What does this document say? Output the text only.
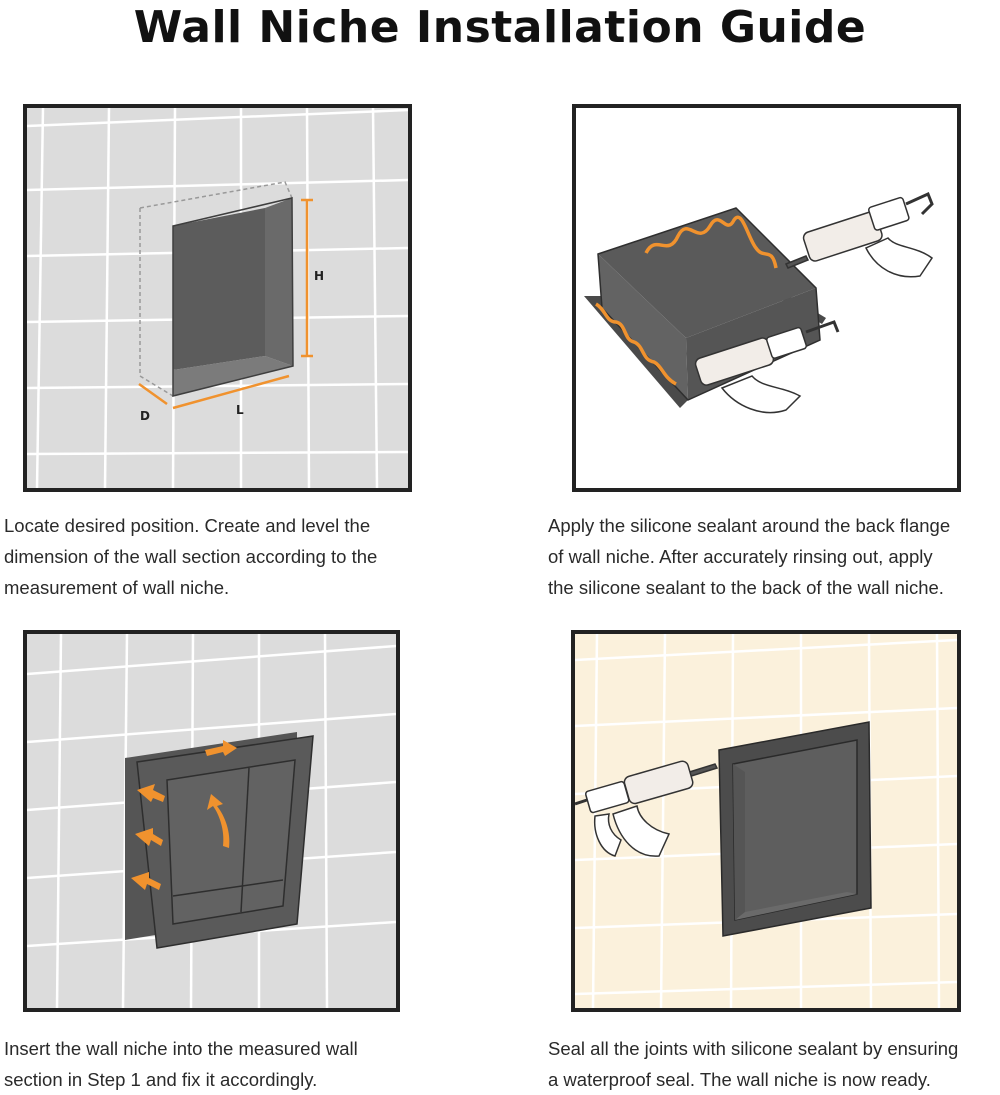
Wall Niche Installation Guide
H
D	L
Locate desired position. Create and level the
dimension of the wall section according to the
measurement of wall niche.
Apply the silicone sealant around the back flange
of wall niche. After accurately rinsing out, apply
the silicone sealant to the back of the wall niche.
Insert the wall niche into the measured wall
section in Step 1 and fix it accordingly.
Seal all the joints with silicone sealant by ensuring
a waterproof seal. The wall niche is now ready.
